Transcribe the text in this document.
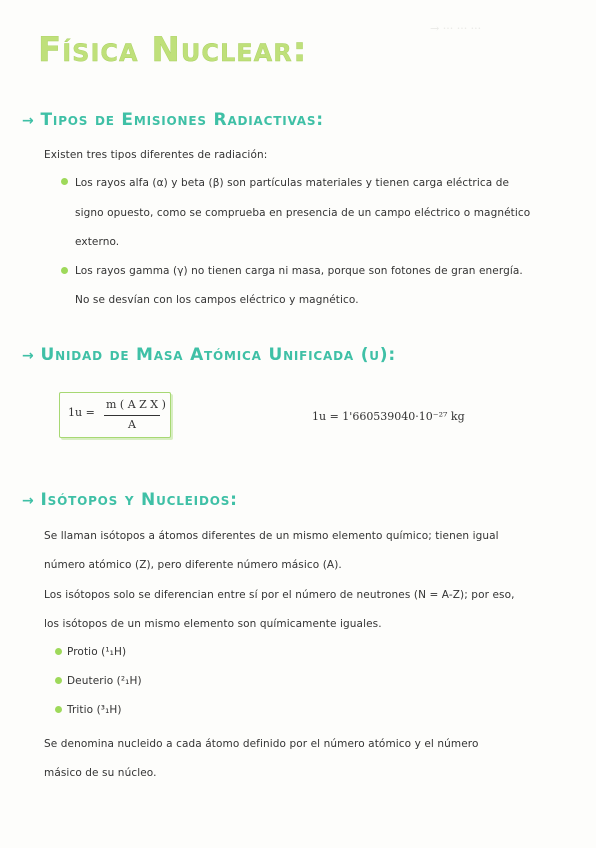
→ ··· ··· ···
Física Nuclear:
→ Tipos de Emisiones Radiactivas:
Existen tres tipos diferentes de radiación:
Los rayos alfa (α) y beta (β) son partículas materiales y tienen carga eléctrica de
signo opuesto, como se comprueba en presencia de un campo eléctrico o magnético
externo.
Los rayos gamma (γ) no tienen carga ni masa, porque son fotones de gran energía.
No se desvían con los campos eléctrico y magnético.
→ Unidad de Masa Atómica Unificada (u):
1u =
m ( A Z X )
A
1u = 1'660539040·10⁻²⁷ kg
→ Isótopos y Nucleidos:
Se llaman isótopos a átomos diferentes de un mismo elemento químico; tienen igual
número atómico (Z), pero diferente número másico (A).
Los isótopos solo se diferencian entre sí por el número de neutrones (N = A-Z); por eso,
los isótopos de un mismo elemento son químicamente iguales.
Protio (¹₁H)
Deuterio (²₁H)
Tritio (³₁H)
Se denomina nucleido a cada átomo definido por el número atómico y el número
másico de su núcleo.
